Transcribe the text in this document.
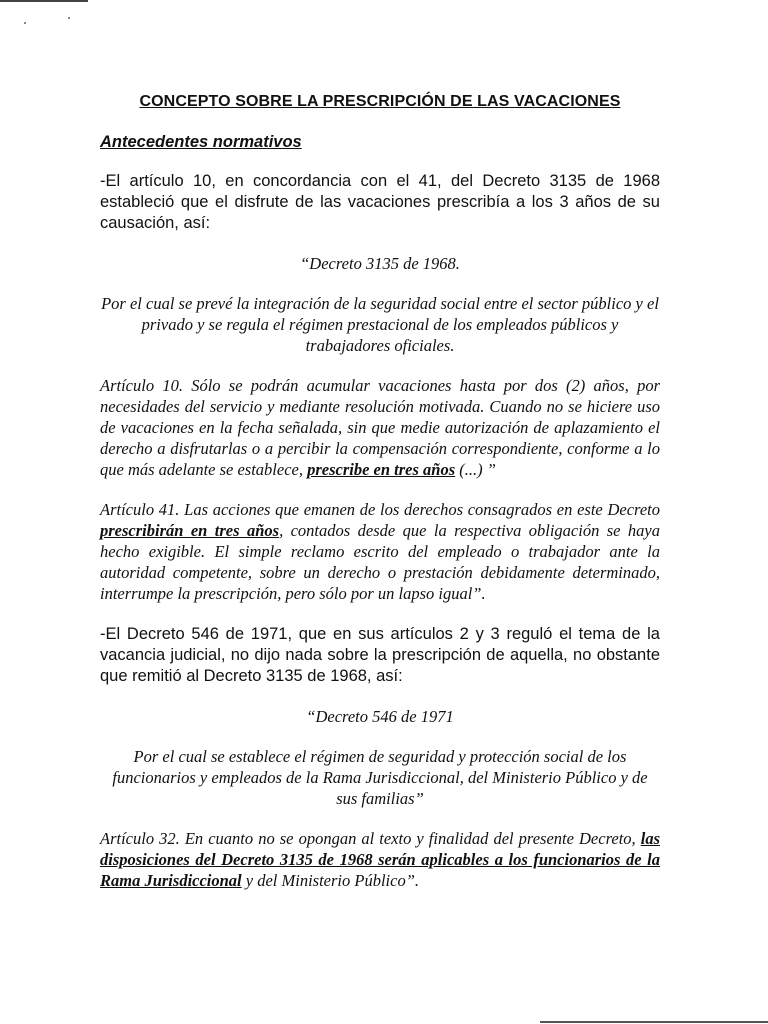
CONCEPTO SOBRE LA PRESCRIPCIÓN DE LAS VACACIONES
Antecedentes normativos

-El artículo 10, en concordancia con el 41, del Decreto 3135 de 1968 estableció que el disfrute de las vacaciones prescribía a los 3 años de su causación, así:

“Decreto 3135 de 1968.

Por el cual se prevé la integración de la seguridad social entre el sector público y el privado y se regula el régimen prestacional de los empleados públicos y trabajadores oficiales.

Artículo 10. Sólo se podrán acumular vacaciones hasta por dos (2) años, por necesidades del servicio y mediante resolución motivada. Cuando no se hiciere uso de vacaciones en la fecha señalada, sin que medie autorización de aplazamiento el derecho a disfrutarlas o a percibir la compensación correspondiente, conforme a lo que más adelante se establece, prescribe en tres años (...) ”

Artículo 41. Las acciones que emanen de los derechos consagrados en este Decreto prescribirán en tres años, contados desde que la respectiva obligación se haya hecho exigible. El simple reclamo escrito del empleado o trabajador ante la autoridad competente, sobre un derecho o prestación debidamente determinado, interrumpe la prescripción, pero sólo por un lapso igual”.

-El Decreto 546 de 1971, que en sus artículos 2 y 3 reguló el tema de la vacancia judicial, no dijo nada sobre la prescripción de aquella, no obstante que remitió al Decreto 3135 de 1968, así:

“Decreto 546 de 1971

Por el cual se establece el régimen de seguridad y protección social de los funcionarios y empleados de la Rama Jurisdiccional, del Ministerio Público y de sus familias”

Artículo 32. En cuanto no se opongan al texto y finalidad del presente Decreto, las disposiciones del Decreto 3135 de 1968 serán aplicables a los funcionarios de la Rama Jurisdiccional y del Ministerio Público”.
